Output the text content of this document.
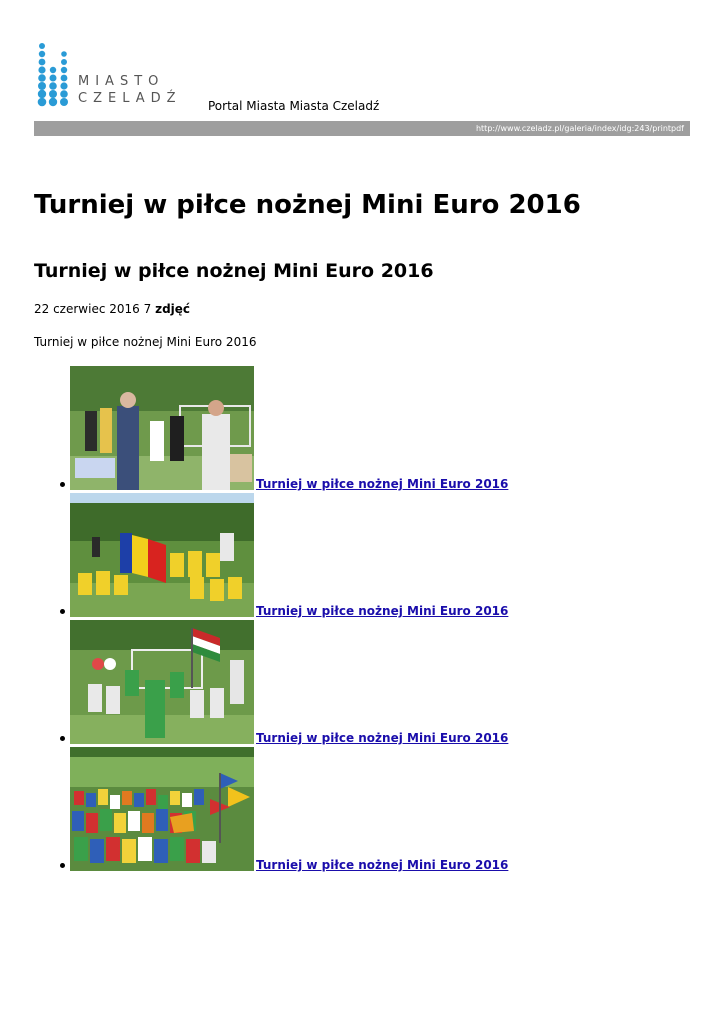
MIASTO
CZELADŹ Portal Miasta Miasta Czeladź
http://www.czeladz.pl/galeria/index/idg:243/printpdf
Turniej w piłce nożnej Mini Euro 2016
Turniej w piłce nożnej Mini Euro 2016
22 czerwiec 2016 7 zdjęć
Turniej w piłce nożnej Mini Euro 2016
Turniej w piłce nożnej Mini Euro 2016
Turniej w piłce nożnej Mini Euro 2016
Turniej w piłce nożnej Mini Euro 2016
Turniej w piłce nożnej Mini Euro 2016
